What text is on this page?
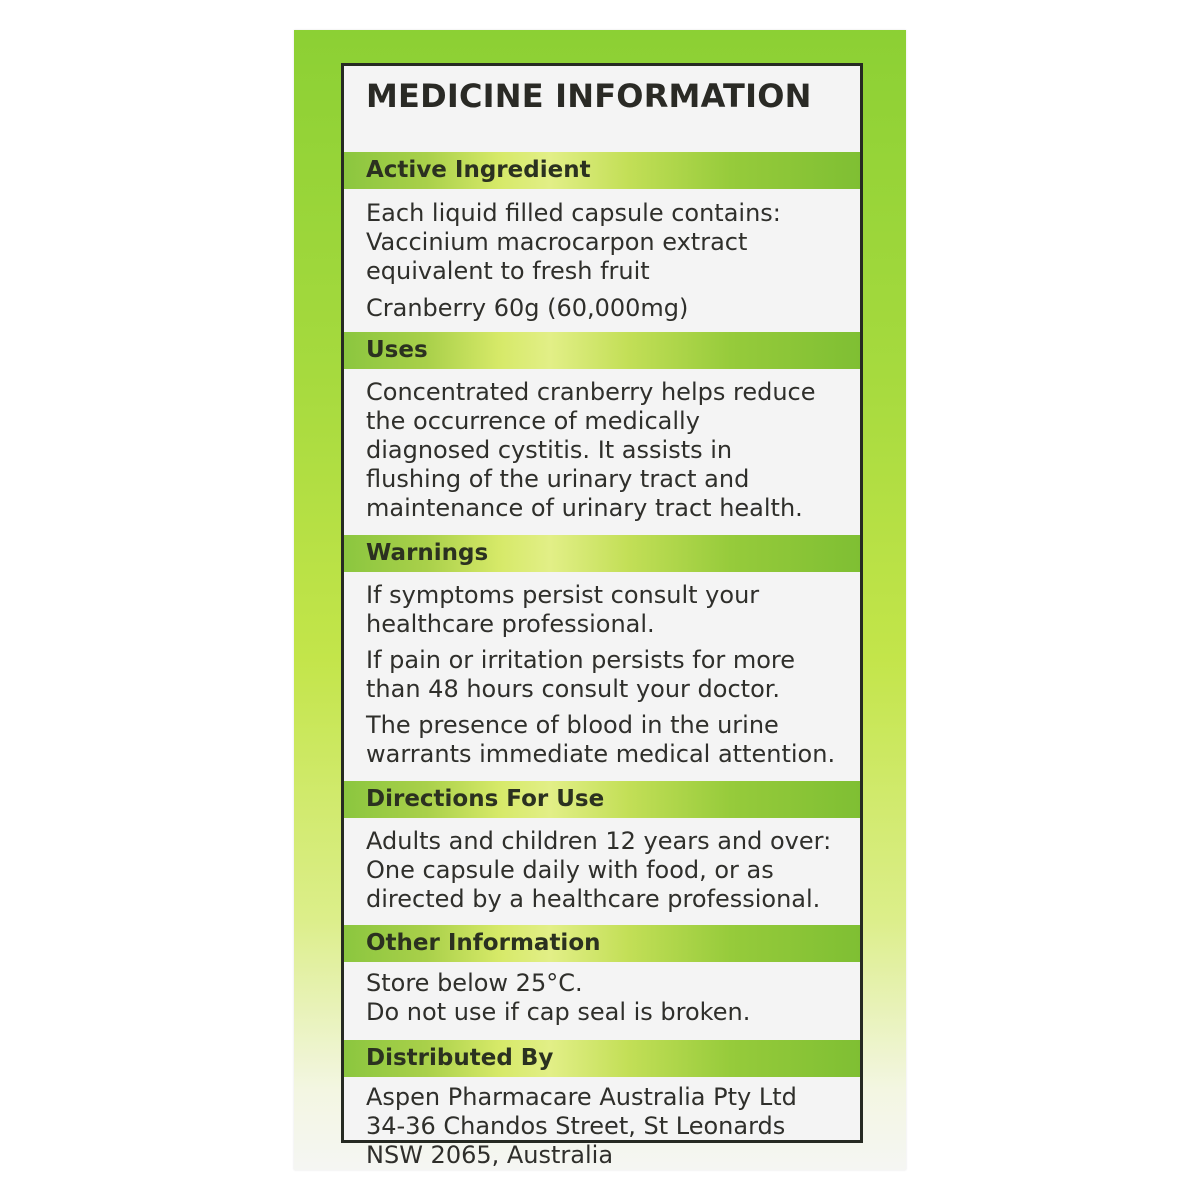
MEDICINE INFORMATION
Active Ingredient

Each liquid filled capsule contains:

Vaccinium macrocarpon extract

equivalent to fresh fruit

Cranberry 60g (60,000mg)

Uses

Concentrated cranberry helps reduce

the occurrence of medically

diagnosed cystitis. It assists in

flushing of the urinary tract and

maintenance of urinary tract health.

Warnings

If symptoms persist consult your

healthcare professional.

If pain or irritation persists for more

than 48 hours consult your doctor.

The presence of blood in the urine

warrants immediate medical attention.

Directions For Use

Adults and children 12 years and over:

One capsule daily with food, or as

directed by a healthcare professional.

Other Information

Store below 25°C.

Do not use if cap seal is broken.

Distributed By

Aspen Pharmacare Australia Pty Ltd

34-36 Chandos Street, St Leonards

NSW 2065, Australia
